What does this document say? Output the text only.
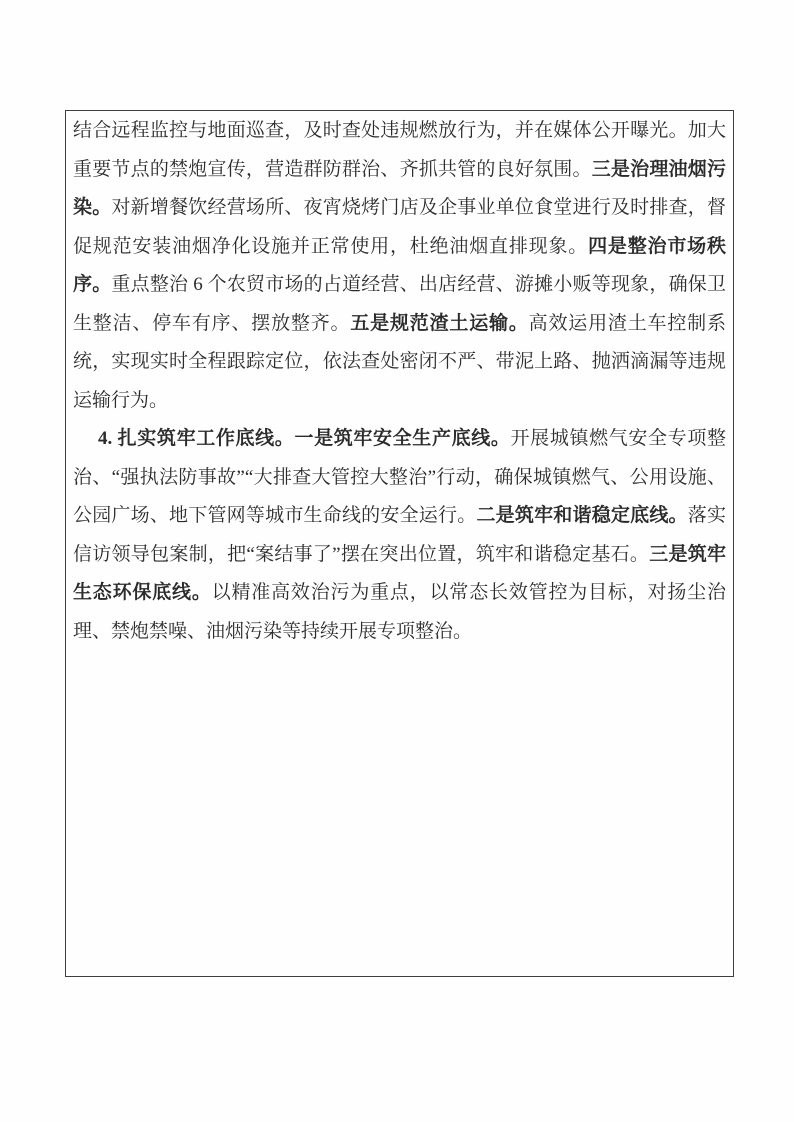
结合远程监控与地面巡查，及时查处违规燃放行为，并在媒体公开曝光。加大重要节点的禁炮宣传，营造群防群治、齐抓共管的良好氛围。三是治理油烟污染。对新增餐饮经营场所、夜宵烧烤门店及企事业单位食堂进行及时排查，督促规范安装油烟净化设施并正常使用，杜绝油烟直排现象。四是整治市场秩序。重点整治 6 个农贸市场的占道经营、出店经营、游摊小贩等现象，确保卫生整洁、停车有序、摆放整齐。五是规范渣土运输。高效运用渣土车控制系统，实现实时全程跟踪定位，依法查处密闭不严、带泥上路、抛洒滴漏等违规运输行为。

4. 扎实筑牢工作底线。一是筑牢安全生产底线。开展城镇燃气安全专项整治、“强执法防事故”“大排查大管控大整治”行动，确保城镇燃气、公用设施、公园广场、地下管网等城市生命线的安全运行。二是筑牢和谐稳定底线。落实信访领导包案制，把“案结事了”摆在突出位置，筑牢和谐稳定基石。三是筑牢生态环保底线。以精准高效治污为重点，以常态长效管控为目标，对扬尘治理、禁炮禁噪、油烟污染等持续开展专项整治。
